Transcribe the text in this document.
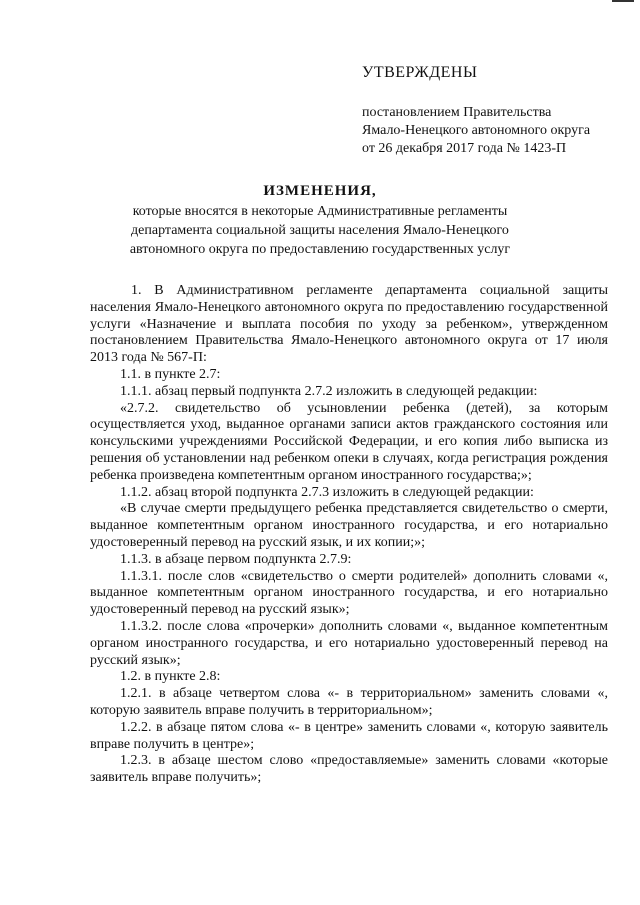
УТВЕРЖДЕНЫ
постановлением Правительства
Ямало-Ненецкого автономного округа
от 26 декабря 2017 года № 1423-П
ИЗМЕНЕНИЯ,
которые вносятся в некоторые Административные регламенты
департамента социальной защиты населения Ямало-Ненецкого
автономного округа по предоставлению государственных услуг

1. В Административном регламенте департамента социальной защиты населения Ямало-Ненецкого автономного округа по предоставлению государственной услуги «Назначение и выплата пособия по уходу за ребенком», утвержденном постановлением Правительства Ямало-Ненецкого автономного округа от 17 июля 2013 года № 567-П:

1.1. в пункте 2.7:

1.1.1. абзац первый подпункта 2.7.2 изложить в следующей редакции:

«2.7.2. свидетельство об усыновлении ребенка (детей), за которым осуществляется уход, выданное органами записи актов гражданского состояния или консульскими учреждениями Российской Федерации, и его копия либо выписка из решения об установлении над ребенком опеки в случаях, когда регистрация рождения ребенка произведена компетентным органом иностранного государства;»;

1.1.2. абзац второй подпункта 2.7.3 изложить в следующей редакции:

«В случае смерти предыдущего ребенка представляется свидетельство о смерти, выданное компетентным органом иностранного государства, и его нотариально удостоверенный перевод на русский язык, и их копии;»;

1.1.3. в абзаце первом подпункта 2.7.9:

1.1.3.1. после слов «свидетельство о смерти родителей» дополнить словами «, выданное компетентным органом иностранного государства, и его нотариально удостоверенный перевод на русский язык»;

1.1.3.2. после слова «прочерки» дополнить словами «, выданное компетентным органом иностранного государства, и его нотариально удостоверенный перевод на русский язык»;

1.2. в пункте 2.8:

1.2.1. в абзаце четвертом слова «- в территориальном» заменить словами «, которую заявитель вправе получить в территориальном»;

1.2.2. в абзаце пятом слова «- в центре» заменить словами «, которую заявитель вправе получить в центре»;

1.2.3. в абзаце шестом слово «предоставляемые» заменить словами «которые заявитель вправе получить»;
